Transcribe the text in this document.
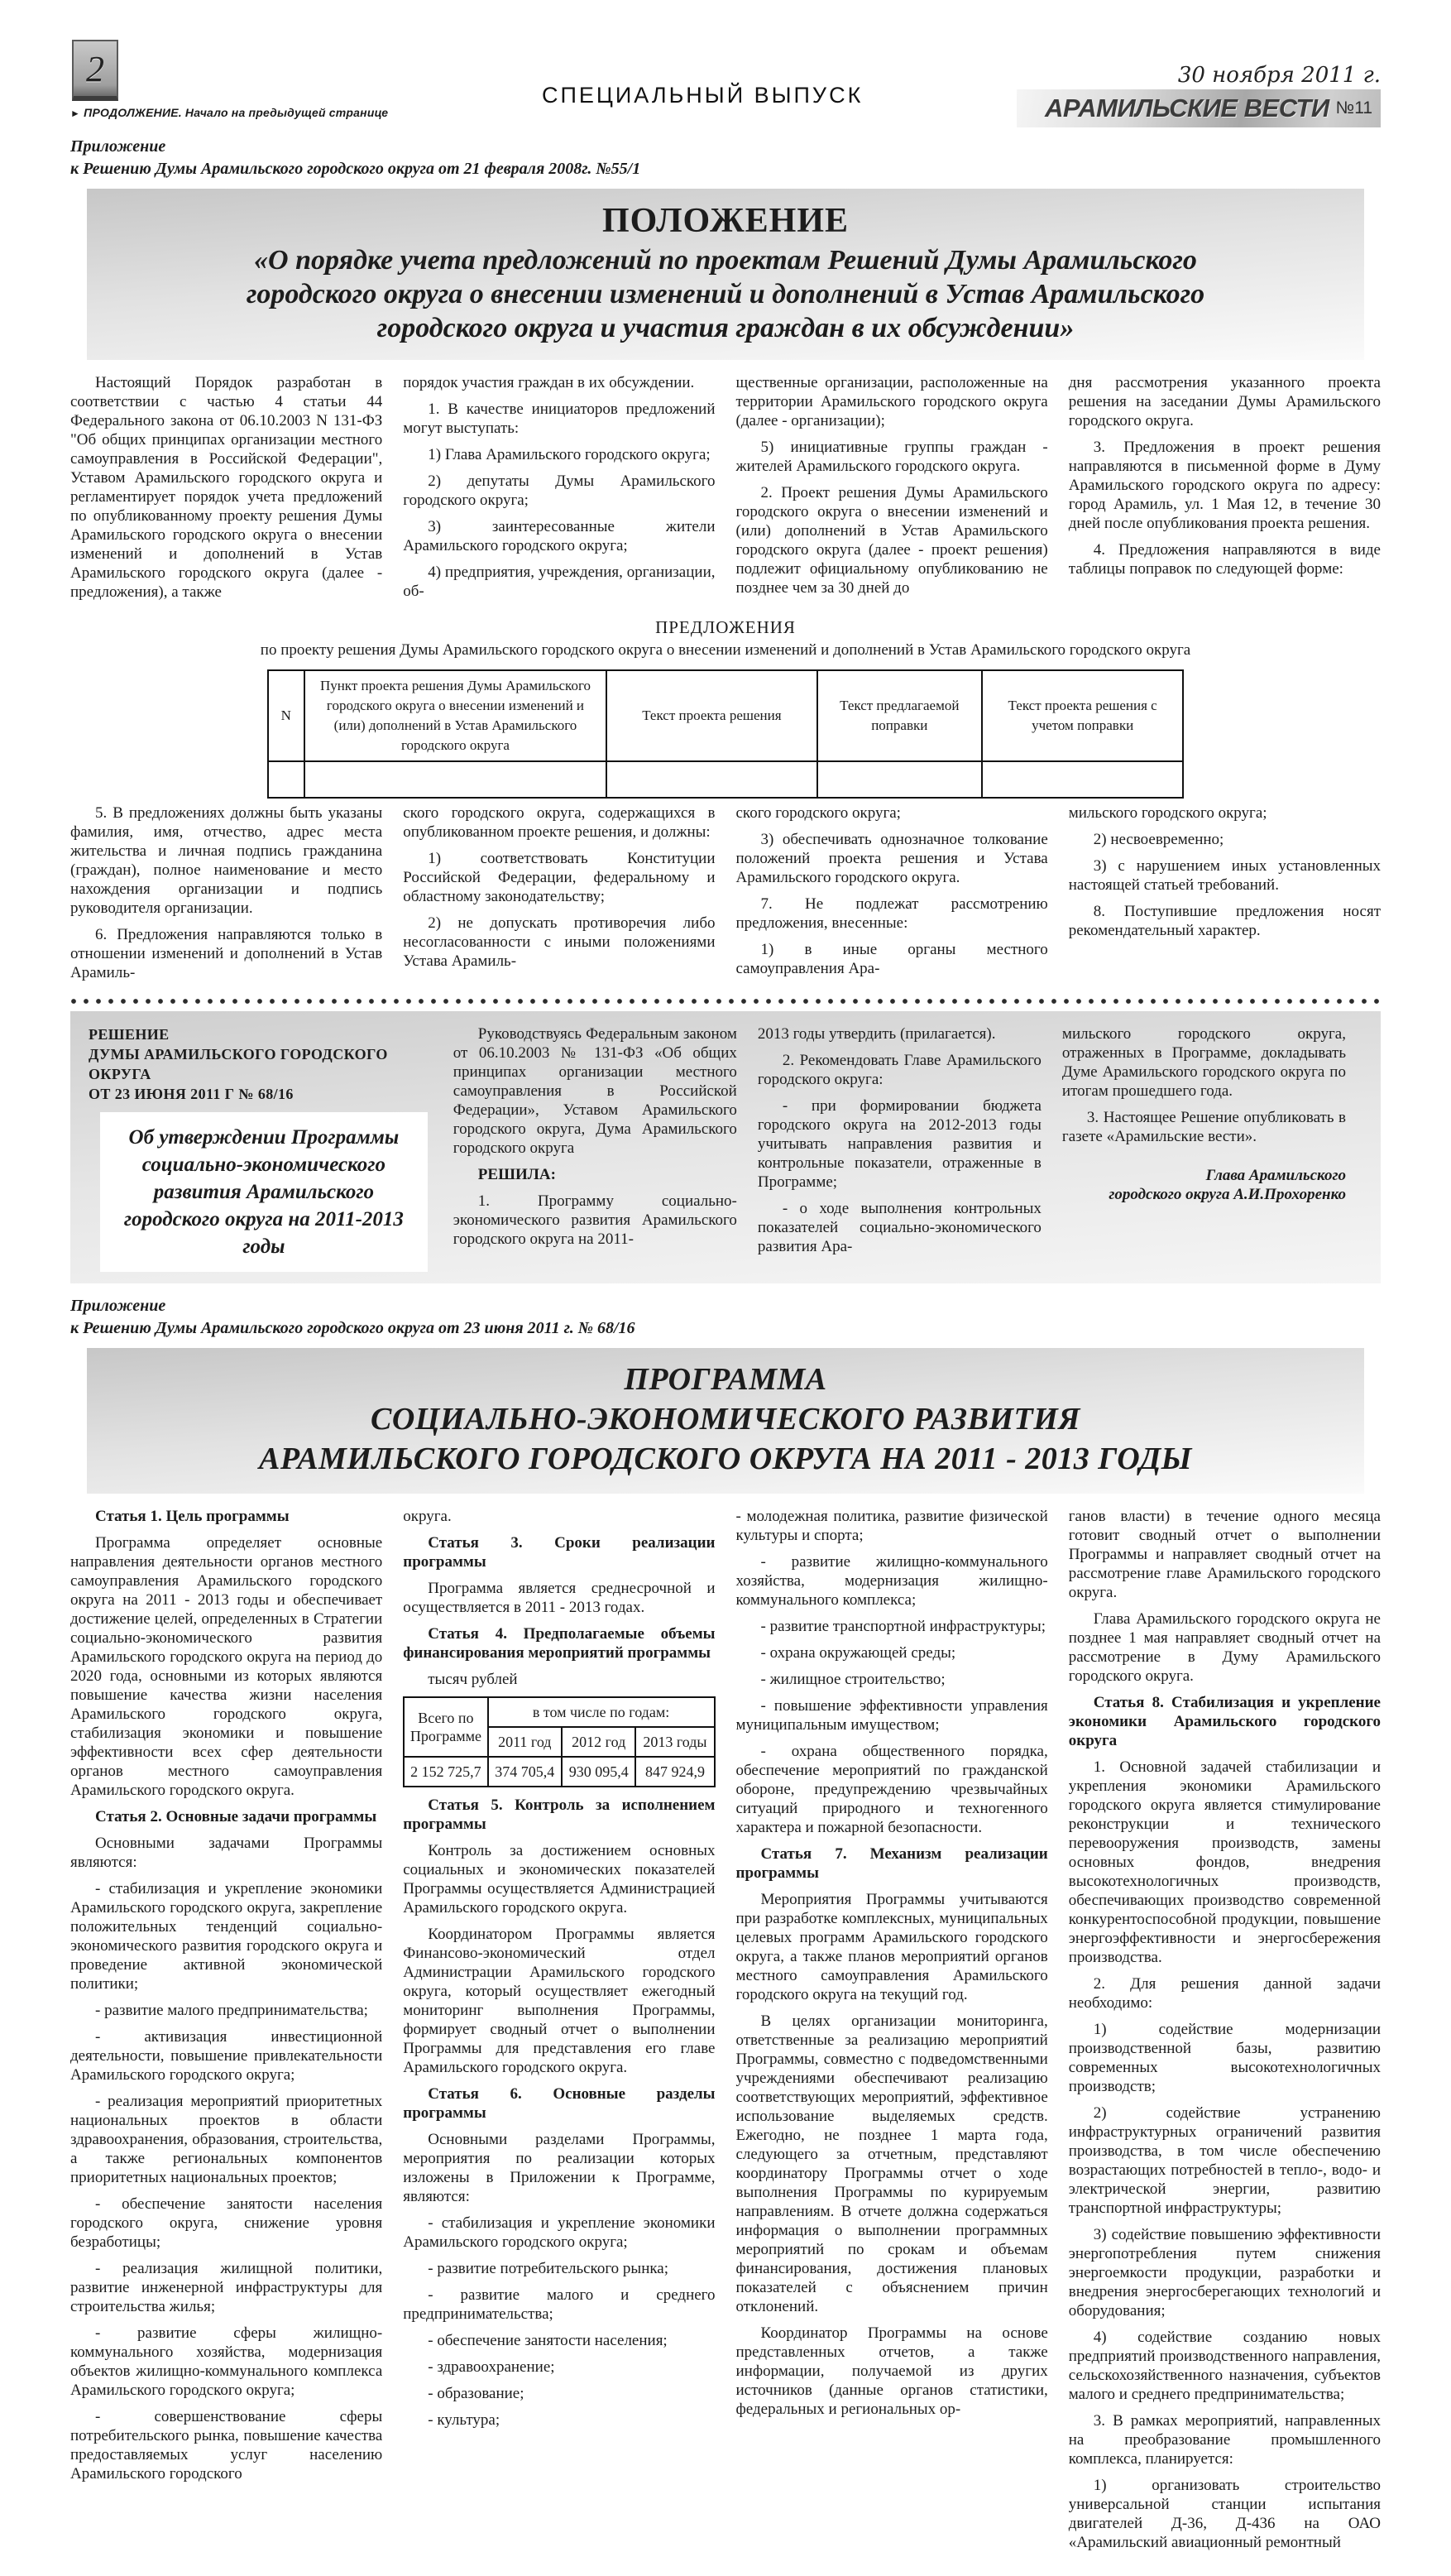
2
► ПРОДОЛЖЕНИЕ. Начало на предыдущей странице
СПЕЦИАЛЬНЫЙ ВЫПУСК
30 ноября 2011 г.
АРАМИЛЬСКИЕ ВЕСТИ №11

Приложение

к Решению Думы Арамильского городского округа от 21 февраля 2008г. №55/1

ПОЛОЖЕНИЕ
«О порядке учета предложений по проектам Решений Думы Арамильского городского округа о внесении изменений и дополнений в Устав Арамильского городского округа и участия граждан в их обсуждении»

Настоящий Порядок разработан в соответствии с частью 4 статьи 44 Федерального закона от 06.10.2003 N 131-ФЗ "Об общих принципах организации местного самоуправления в Российской Федерации", Уставом Арамильского городского округа и регламентирует порядок учета предложений по опубликованному проекту решения Думы Арамильского городского округа о внесении изменений и дополнений в Устав Арамильского городского округа (далее - предложения), а также

порядок участия граждан в их обсуждении.

1. В качестве инициаторов предложений могут выступать:

1) Глава Арамильского городского округа;

2) депутаты Думы Арамильского городского округа;

3) заинтересованные жители Арамильского городского округа;

4) предприятия, учреждения, организации, об-

щественные организации, расположенные на территории Арамильского городского округа (далее - организации);

5) инициативные группы граждан - жителей Арамильского городского округа.

2. Проект решения Думы Арамильского городского округа о внесении изменений и (или) дополнений в Устав Арамильского городского округа (далее - проект решения) подлежит официальному опубликованию не позднее чем за 30 дней до

дня рассмотрения указанного проекта решения на заседании Думы Арамильского городского округа.

3. Предложения в проект решения направляются в письменной форме в Думу Арамильского городского округа по адресу: город Арамиль, ул. 1 Мая 12, в течение 30 дней после опубликования проекта решения.

4. Предложения направляются в виде таблицы поправок по следующей форме:

ПРЕДЛОЖЕНИЯ
по проекту решения Думы Арамильского городского округа о внесении изменений и дополнений в Устав Арамильского городского округа
N	Пункт проекта решения Думы Арамильского городского округа о внесении изменений и (или) дополнений в Устав Арамильского городского округа	Текст проекта решения	Текст предлагаемой поправки	Текст проекта решения с учетом поправки

5. В предложениях должны быть указаны фамилия, имя, отчество, адрес места жительства и личная подпись гражданина (граждан), полное наименование и место нахождения организации и подпись руководителя организации.

6. Предложения направляются только в отношении изменений и дополнений в Устав Арамиль-

ского городского округа, содержащихся в опубликованном проекте решения, и должны:

1) соответствовать Конституции Российской Федерации, федеральному и областному законодательству;

2) не допускать противоречия либо несогласованности с иными положениями Устава Арамиль-

ского городского округа;

3) обеспечивать однозначное толкование положений проекта решения и Устава Арамильского городского округа.

7. Не подлежат рассмотрению предложения, внесенные:

1) в иные органы местного самоуправления Ара-

мильского городского округа;

2) несвоевременно;

3) с нарушением иных установленных настоящей статьей требований.

8. Поступившие предложения носят рекомендательный характер.

РЕШЕНИЕ

ДУМЫ АРАМИЛЬСКОГО ГОРОДСКОГО ОКРУГА

ОТ 23 ИЮНЯ 2011 Г № 68/16

Об утверждении Программы социально-экономического развития Арамильского городского округа на 2011-2013 годы

Руководствуясь Федеральным законом от 06.10.2003 № 131-ФЗ «Об общих принципах организации местного самоуправления в Российской Федерации», Уставом Арамильского городского округа, Дума Арамильского городского округа

РЕШИЛА:

1. Программу социально-экономического развития Арамильского городского округа на 2011-

2013 годы утвердить (прилагается).

2. Рекомендовать Главе Арамильского городского округа:

- при формировании бюджета городского округа на 2012-2013 годы учитывать направления развития и контрольные показатели, отраженные в Программе;

- о ходе выполнения контрольных показателей социально-экономического развития Ара-

мильского городского округа, отраженных в Программе, докладывать Думе Арамильского городского округа по итогам прошедшего года.

3. Настоящее Решение опубликовать в газете «Арамильские вести».

Глава Арамильского

городского округа А.И.Прохоренко

Приложение

к Решению Думы Арамильского городского округа от 23 июня 2011 г. № 68/16

ПРОГРАММА
СОЦИАЛЬНО-ЭКОНОМИЧЕСКОГО РАЗВИТИЯ
АРАМИЛЬСКОГО ГОРОДСКОГО ОКРУГА НА 2011 - 2013 ГОДЫ

Статья 1. Цель программы

Программа определяет основные направления деятельности органов местного самоуправления Арамильского городского округа на 2011 - 2013 годы и обеспечивает достижение целей, определенных в Стратегии социально-экономического развития Арамильского городского округа на период до 2020 года, основными из которых являются повышение качества жизни населения Арамильского городского округа, стабилизация экономики и повышение эффективности всех сфер деятельности органов местного самоуправления Арамильского городского округа.

Статья 2. Основные задачи программы

Основными задачами Программы являются:

- стабилизация и укрепление экономики Арамильского городского округа, закрепление положительных тенденций социально-экономического развития городского округа и проведение активной экономической политики;

- развитие малого предпринимательства;

- активизация инвестиционной деятельности, повышение привлекательности Арамильского городского округа;

- реализация мероприятий приоритетных национальных проектов в области здравоохранения, образования, строительства, а также региональных компонентов приоритетных национальных проектов;

- обеспечение занятости населения городского округа, снижение уровня безработицы;

- реализация жилищной политики, развитие инженерной инфраструктуры для строительства жилья;

- развитие сферы жилищно-коммунального хозяйства, модернизация объектов жилищно-коммунального комплекса Арамильского городского округа;

- совершенствование сферы потребительского рынка, повышение качества предоставляемых услуг населению Арамильского городского

округа.

Статья 3. Сроки реализации программы

Программа является среднесрочной и осуществляется в 2011 - 2013 годах.

Статья 4. Предполагаемые объемы финансирования мероприятий программы

тысяч рублей

Всего по Программе	в том числе по годам:		
	2011 год	2012 год	2013 годы
2 152 725,7	374 705,4	930 095,4	847 924,9

Статья 5. Контроль за исполнением программы

Контроль за достижением основных социальных и экономических показателей Программы осуществляется Администрацией Арамильского городского округа.

Координатором Программы является Финансово-экономический отдел Администрации Арамильского городского округа, который осуществляет ежегодный мониторинг выполнения Программы, формирует сводный отчет о выполнении Программы для представления его главе Арамильского городского округа.

Статья 6. Основные разделы программы

Основными разделами Программы, мероприятия по реализации которых изложены в Приложении к Программе, являются:

- стабилизация и укрепление экономики Арамильского городского округа;

- развитие потребительского рынка;

- развитие малого и среднего предпринимательства;

- обеспечение занятости населения;

- здравоохранение;

- образование;

- культура;

- молодежная политика, развитие физической культуры и спорта;

- развитие жилищно-коммунального хозяйства, модернизация жилищно-коммунального комплекса;

- развитие транспортной инфраструктуры;

- охрана окружающей среды;

- жилищное строительство;

- повышение эффективности управления муниципальным имуществом;

- охрана общественного порядка, обеспечение мероприятий по гражданской обороне, предупреждению чрезвычайных ситуаций природного и техногенного характера и пожарной безопасности.

Статья 7. Механизм реализации программы

Мероприятия Программы учитываются при разработке комплексных, муниципальных целевых программ Арамильского городского округа, а также планов мероприятий органов местного самоуправления Арамильского городского округа на текущий год.

В целях организации мониторинга, ответственные за реализацию мероприятий Программы, совместно с подведомственными учреждениями обеспечивают реализацию соответствующих мероприятий, эффективное использование выделяемых средств. Ежегодно, не позднее 1 марта года, следующего за отчетным, представляют координатору Программы отчет о ходе выполнения Программы по курируемым направлениям. В отчете должна содержаться информация о выполнении программных мероприятий по срокам и объемам финансирования, достижения плановых показателей с объяснением причин отклонений.

Координатор Программы на основе представленных отчетов, а также информации, получаемой из других источников (данные органов статистики, федеральных и региональных ор-

ганов власти) в течение одного месяца готовит сводный отчет о выполнении Программы и направляет сводный отчет на рассмотрение главе Арамильского городского округа.

Глава Арамильского городского округа не позднее 1 мая направляет сводный отчет на рассмотрение в Думу Арамильского городского округа.

Статья 8. Стабилизация и укрепление экономики Арамильского городского округа

1. Основной задачей стабилизации и укрепления экономики Арамильского городского округа является стимулирование реконструкции и технического перевооружения производств, замены основных фондов, внедрения высокотехнологичных производств, обеспечивающих производство современной конкурентоспособной продукции, повышение энергоэффективности и энергосбережения производства.

2. Для решения данной задачи необходимо:

1) содействие модернизации производственной базы, развитию современных высокотехнологичных производств;

2) содействие устранению инфраструктурных ограничений развития производства, в том числе обеспечению возрастающих потребностей в тепло-, водо- и электрической энергии, развитию транспортной инфраструктуры;

3) содействие повышению эффективности энергопотребления путем снижения энергоемкости продукции, разработки и внедрения энергосберегающих технологий и оборудования;

4) содействие созданию новых предприятий производственного направления, сельскохозяйственного назначения, субъектов малого и среднего предпринимательства;

3. В рамках мероприятий, направленных на преобразование промышленного комплекса, планируется:

1) организовать строительство универсальной станции испытания двигателей Д-36, Д-436 на ОАО «Арамильский авиационный ремонтный
